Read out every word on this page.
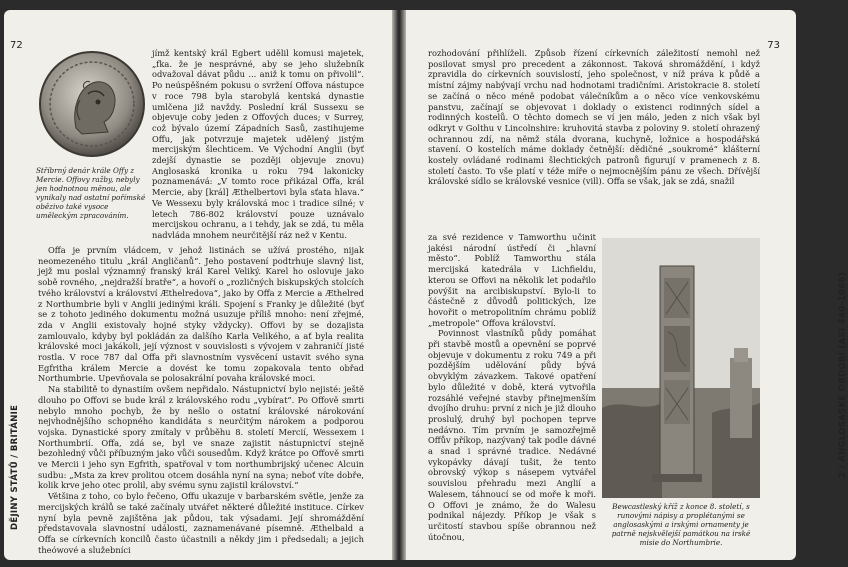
72
Stříbrný denár krále Offy z Mercie. Offovy ražby, nebyly jen hodnotnou měnou, ale vynikaly nad ostatní pořímské obězivo také vysoce uměleckým zpracováním.

jímž kentský král Egbert udělil komusi majetek, „fka. že je nesprávné, aby se jeho služebník odvažoval dávat půdu ... aniž k tomu on přivolil“. Po neúspěšném pokusu o svržení Offova nástupce v roce 798 byla starobylá kentská dynastie umlčena již navždy. Poslední král Sussexu se objevuje coby jeden z Offových duces; v Surrey, což bývalo území Západních Sasů, zastihujeme Offu, jak potvrzuje majetek udělený jistým mercijským šlechticem. Ve Východní Anglii (byť zdejší dynastie se později objevuje znovu) Anglosaská kronika u roku 794 lakonicky poznamenává: „V tomto roce přikázal Offa, král Mercie, aby [král] Æthelbertovi byla sťata hlava.“ Ve Wessexu byly královská moc i tradice silné; v letech 786-802 království pouze uznávalo mercijskou ochranu, a i tehdy, jak se zdá, tu měla nadvláda mnohem neurčitější ráz než v Kentu.

Offa je prvním vládcem, v jehož listinách se užívá prostého, nijak neomezeného titulu „král Angličanů“. Jeho postavení podtrhuje slavný list, jejž mu poslal významný franský král Karel Veliký. Karel ho oslovuje jako sobě rovného, „nejdražší bratře“, a hovoří o „rozličných biskupských stolcích tvého království a království Æthelredova“, jako by Offa z Mercie a Æthelred z Northumbrie byli v Anglii jedinými králi. Spojení s Franky je důležité (byť se z tohoto jediného dokumentu možná usuzuje příliš mnoho: není zřejmé, zda v Anglii existovaly hojné styky vždycky). Offovi by se dozajista zamlouvalo, kdyby byl pokládán za dalšího Karla Velikého, a ať byla realita královské moci jakákoli, její význost v souvislosti s vývojem v zahraničí jisté rostla. V roce 787 dal Offa při slavnostním vysvěcení ustavit svého syna Egfritha králem Mercie a dovést ke tomu zopakovala tento obřad Northumbrie. Upevňovala se polosakrální povaha královské moci.

Na stabilitě to dynastiím ovšem nepřidalo. Nástupnictví bylo nejisté: ještě dlouho po Offovi se bude král z královského rodu „vybírat“. Po Offově smrti nebylo mnoho pochyb, že by nešlo o ostatní královské nárokování nejvhodnějšího schopného kandidáta s neurčitým nárokem a podporou vojska. Dynastické spory zmítaly v průběhu 8. století Mercií, Wessexem i Northumbrií. Offa, zdá se, byl ve snaze zajistit nástupnictví stejně bezohledný vůči příbuzným jako vůči sousedům. Když krátce po Offově smrti ve Mercii i jeho syn Egfrith, spatřoval v tom northumbrijský učenec Alcuin sudbu: „Msta za krev prolitou otcem dosáhla nyní na syna; neboť víte dobře, kolik krve jeho otec prolil, aby svému synu zajistil království.“

Většina z toho, co bylo řečeno, Offu ukazuje v barbarském světle, jenže za mercijských králů se také začínaly utvářet některé důležité instituce. Církev nyní byla pevně zajištěna jak půdou, tak výsadami. Její shromáždění představovala slavnostní události, zaznamenávané písemně. Æthelbald a Offa se církevních koncilů často účastnili a někdy jim i předsedali; a jejich theówové a služebníci

DĚJINY STÁTŮ / BRITÁNIE
73

rozhodování přihlíželi. Způsob řízení církevních záležitostí nemohl než posilovat smysl pro precedent a zákonnost. Taková shromáždění, i když zpravidla do církevních souvislostí, jeho společnost, v níž práva k půdě a místní zájmy nabývají vrchu nad hodnotami tradičními. Aristokracie 8. století se začíná o něco méně podobat válečníkům a o něco více venkovskému panstvu, začínají se objevovat i doklady o existenci rodinných sídel a rodinných kostelů. O těchto domech se ví jen málo, jeden z nich však byl odkryt v Golthu v Lincolnshire: kruhovitá stavba z poloviny 9. století ohrazený ochrannou zdí, na němž stála dvorana, kuchyně, ložnice a hospodářská stavení. O kostelích máme doklady četnější: dědičné „soukromé“ klášterní kostely ovládané rodinami šlechtických patronů figurují v pramenech z 8. století často. To vše platí v téže míře o nejmocnějším pánu ze všech. Dřívější královské sídlo se královské vesnice (vill). Offa se však, jak se zdá, snažil

za své rezidence v Tamworthu učinit jakési národní ústředí či „hlavní město“. Poblíž Tamworthu stála mercijská katedrála v Lichfieldu, kterou se Offovi na několik let podařilo povýšit na arcibiskupství. Bylo-li to částečně z důvodů politických, lze hovořit o metropolitním chrámu poblíž „metropole“ Offova království.

Povinnost vlastníků půdy pomáhat při stavbě mostů a opevnění se poprvé objevuje v dokumentu z roku 749 a při pozdějším udělování půdy bývá obvyklým závazkem. Takové opatření bylo důležité v době, která vytvořila rozsáhlé veřejné stavby přinejmenším dvojího druhu: první z nich je již dlouho proslulý, druhý byl pochopen teprve nedávno. Tím prvním je samozřejmě Offův příkop, nazývaný tak podle dávné a snad i správné tradice. Nedávné vykopávky dávají tušit, že tento obrovský výkop s násepem vytvářel souvislou přehradu mezi Anglií a Walesem, táhnoucí se od moře k moři. O Offovi je známo, že do Walesu podnikal nájezdy. Příkop je však s určitostí stavbou spíše obrannou než útočnou,

Bewcastleský kříž z konce 8. století, s runovými nápisy a proplétanými se anglosaskými a irskými ornamenty je patrně nejskvělejší památkou na irské misie do Northumbrie.
2 / ANGLOSASKÉ OBDOBÍ (ASI 440–1066)
